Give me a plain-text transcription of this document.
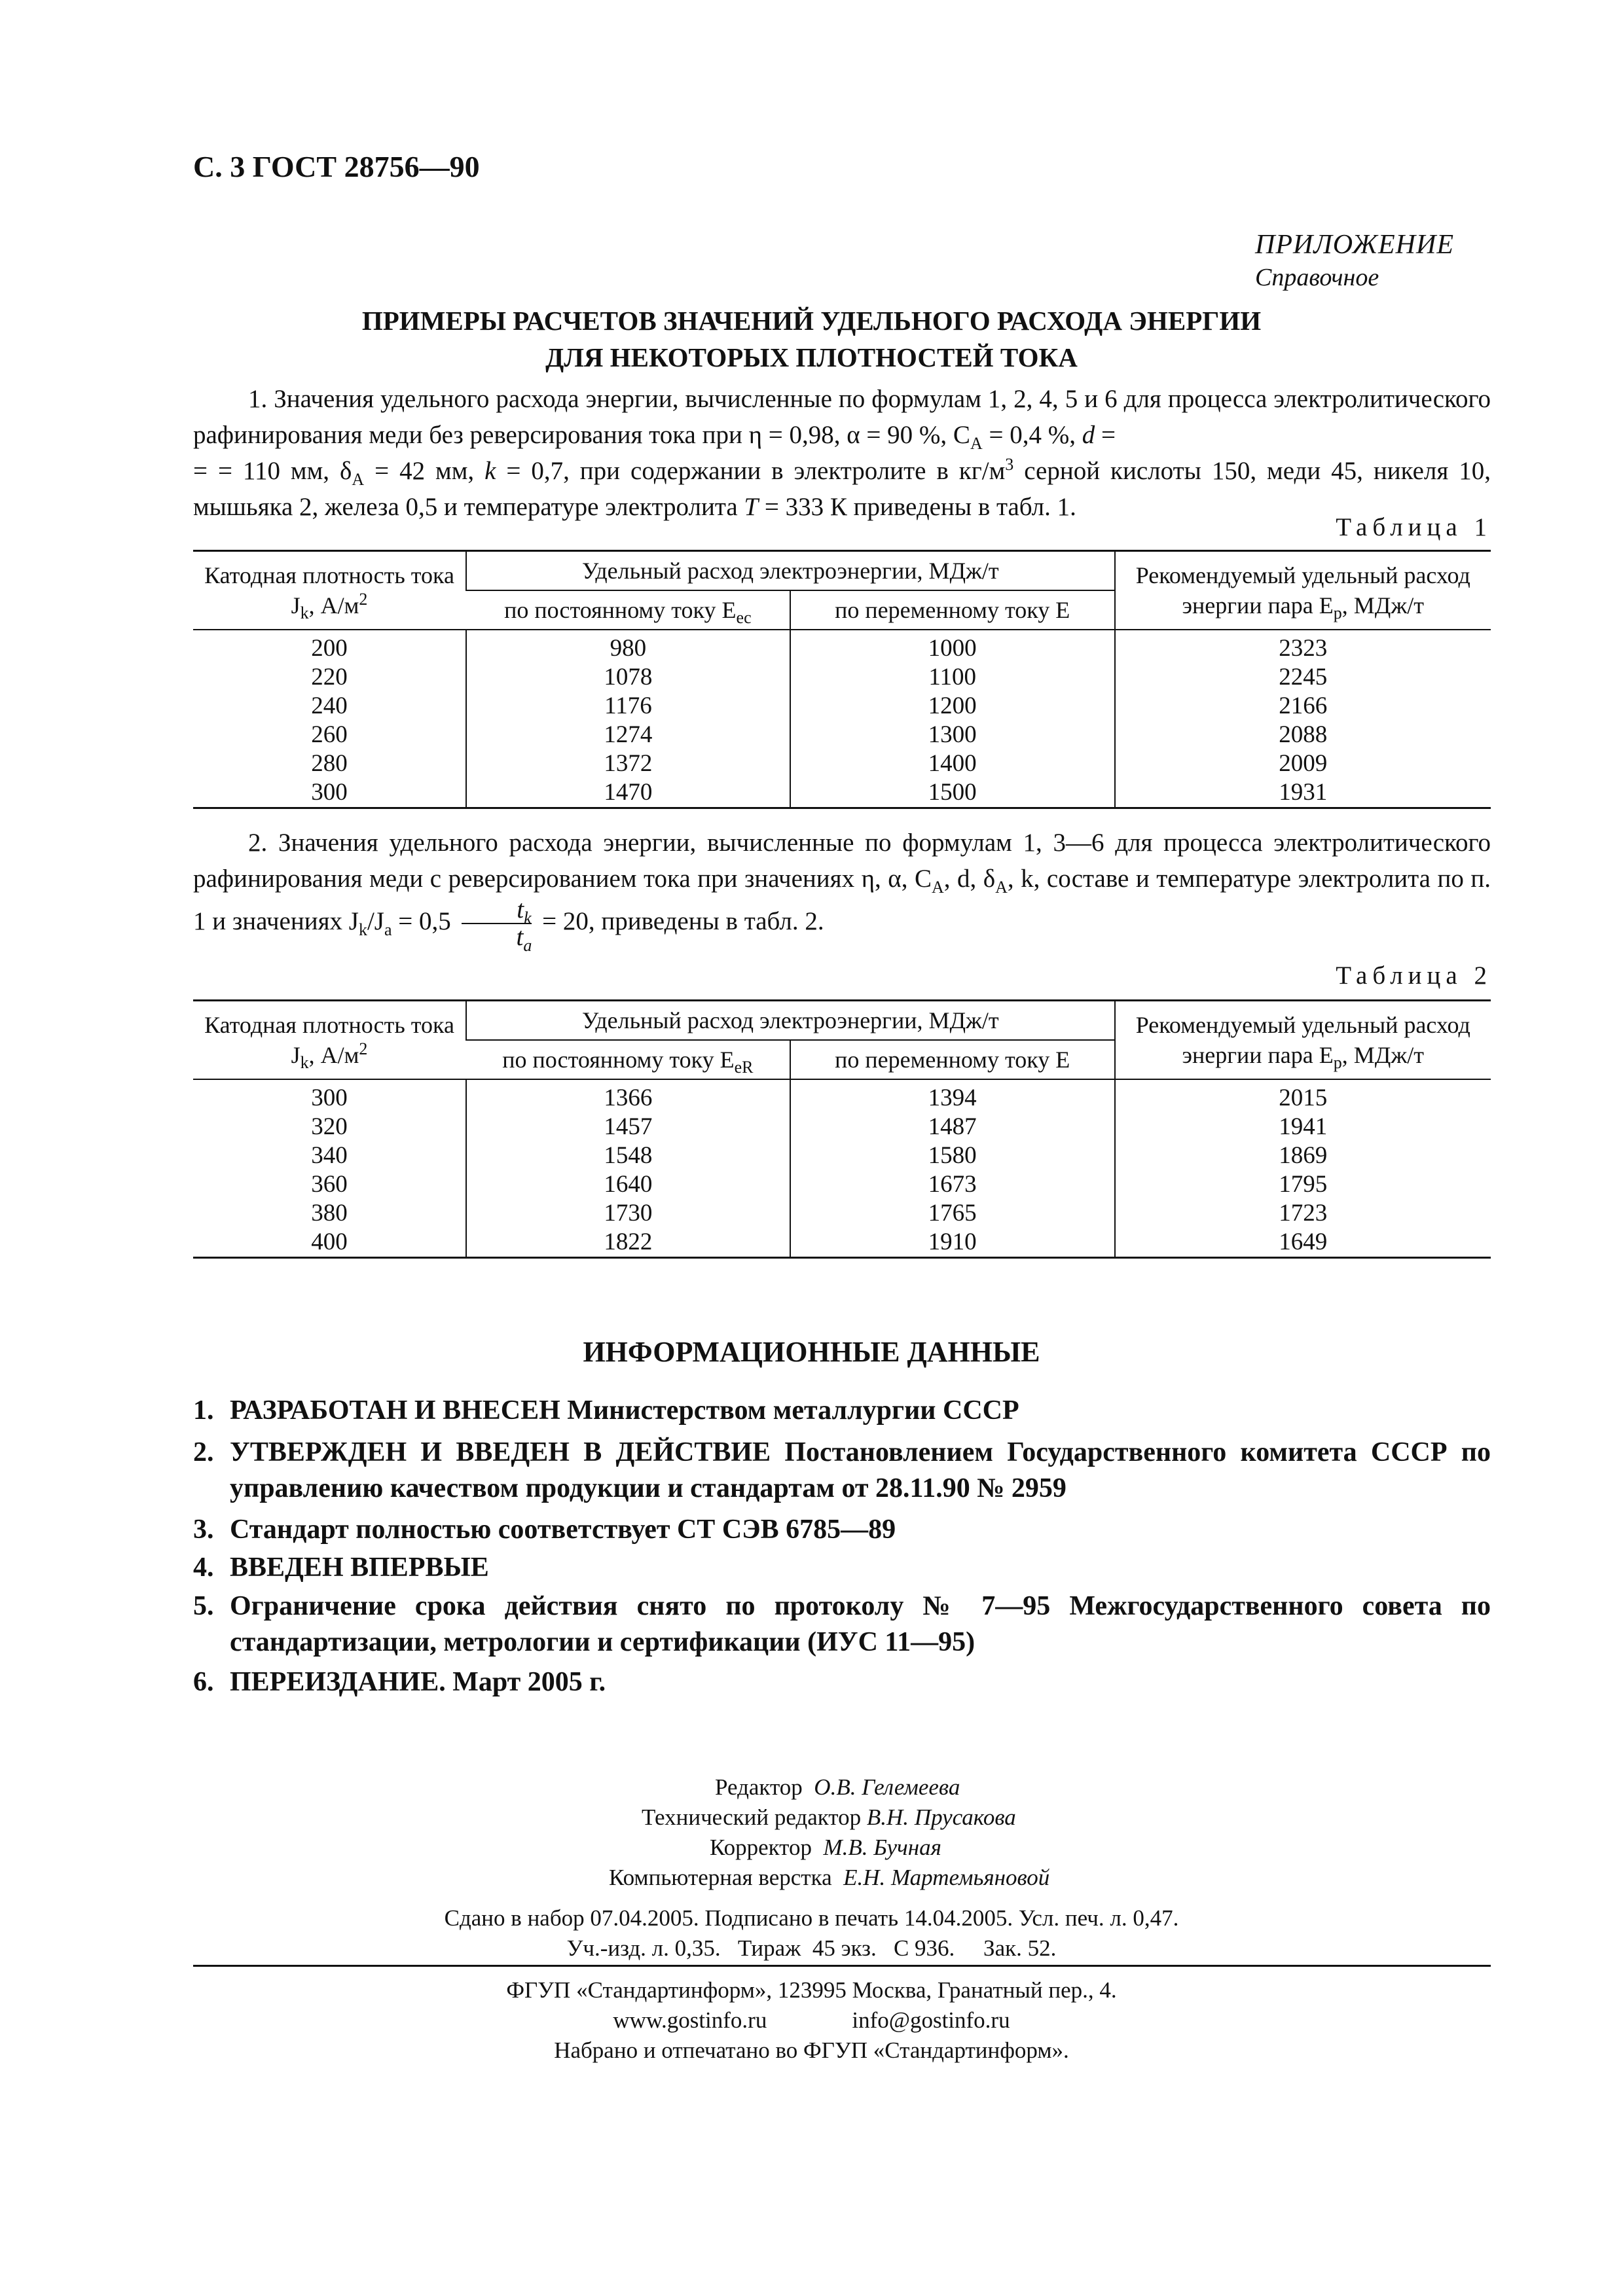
С. 3 ГОСТ 28756—90
ПРИЛОЖЕНИЕ
Справочное
ПРИМЕРЫ РАСЧЕТОВ ЗНАЧЕНИЙ УДЕЛЬНОГО РАСХОДА ЭНЕРГИИ
ДЛЯ НЕКОТОРЫХ ПЛОТНОСТЕЙ ТОКА

1. Значения удельного расхода энергии, вычисленные по формулам 1, 2, 4, 5 и 6 для процесса электролитического рафинирования меди без реверсирования тока при η = 0,98, α = 90 %, $C_A = 0,4$ %, d =
= = 110 мм, $\delta_A = 42$ мм, k = 0,7, при содержании в электролите в $кг/м^3$ серной кислоты 150, меди 45, никеля 10, мышьяка 2, железа 0,5 и температуре электролита T = 333 К приведены в табл. 1.

Таблица 1
Катодная плотность тока $J_k$, $А/м^2$	Удельный расход электроэнергии, МДж/т		Рекомендуемый удельный расход энергии пара $E_р$, МДж/т
	по постоянному току $E_{ec}$	по переменному току E	
200	980	1000	2323
220	1078	1100	2245
240	1176	1200	2166
260	1274	1300	2088
280	1372	1400	2009
300	1470	1500	1931

2. Значения удельного расхода энергии, вычисленные по формулам 1, 3—6 для процесса электролитического рафинирования меди с реверсированием тока при значениях η, α, $C_A$, d, $\delta_A$, k, составе и температуре электролита по п. 1 и значениях $J_k/J_a = 0,5 \frac{t_k}{t_a} = 20$, приведены в табл. 2.

Таблица 2
Катодная плотность тока $J_k$, $А/м^2$	Удельный расход электроэнергии, МДж/т		Рекомендуемый удельный расход энергии пара $E_р$, МДж/т
	по постоянному току $E_{eR}$	по переменному току E	
300	1366	1394	2015
320	1457	1487	1941
340	1548	1580	1869
360	1640	1673	1795
380	1730	1765	1723
400	1822	1910	1649
ИНФОРМАЦИОННЫЕ ДАННЫЕ
1. РАЗРАБОТАН И ВНЕСЕН Министерством металлургии СССР
2. УТВЕРЖДЕН И ВВЕДЕН В ДЕЙСТВИЕ Постановлением Государственного комитета СССР по управлению качеством продукции и стандартам от 28.11.90 № 2959
3. Стандарт полностью соответствует СТ СЭВ 6785—89
4. ВВЕДЕН ВПЕРВЫЕ
5. Ограничение срока действия снято по протоколу № 7—95 Межгосударственного совета по стандартизации, метрологии и сертификации (ИУС 11—95)
6. ПЕРЕИЗДАНИЕ. Март 2005 г.
Редактор О.В. Гелемеева
Технический редактор В.Н. Прусакова
Корректор М.В. Бучная
Компьютерная верстка Е.Н. Мартемьяновой
Сдано в набор 07.04.2005. Подписано в печать 14.04.2005. Усл. печ. л. 0,47.
Уч.-изд. л. 0,35.   Тираж  45 экз.   С 936.     Зак. 52.
ФГУП «Стандартинформ», 123995 Москва, Гранатный пер., 4.
www.gostinfo.ru	info@gostinfo.ru
Набрано и отпечатано во ФГУП «Стандартинформ».
